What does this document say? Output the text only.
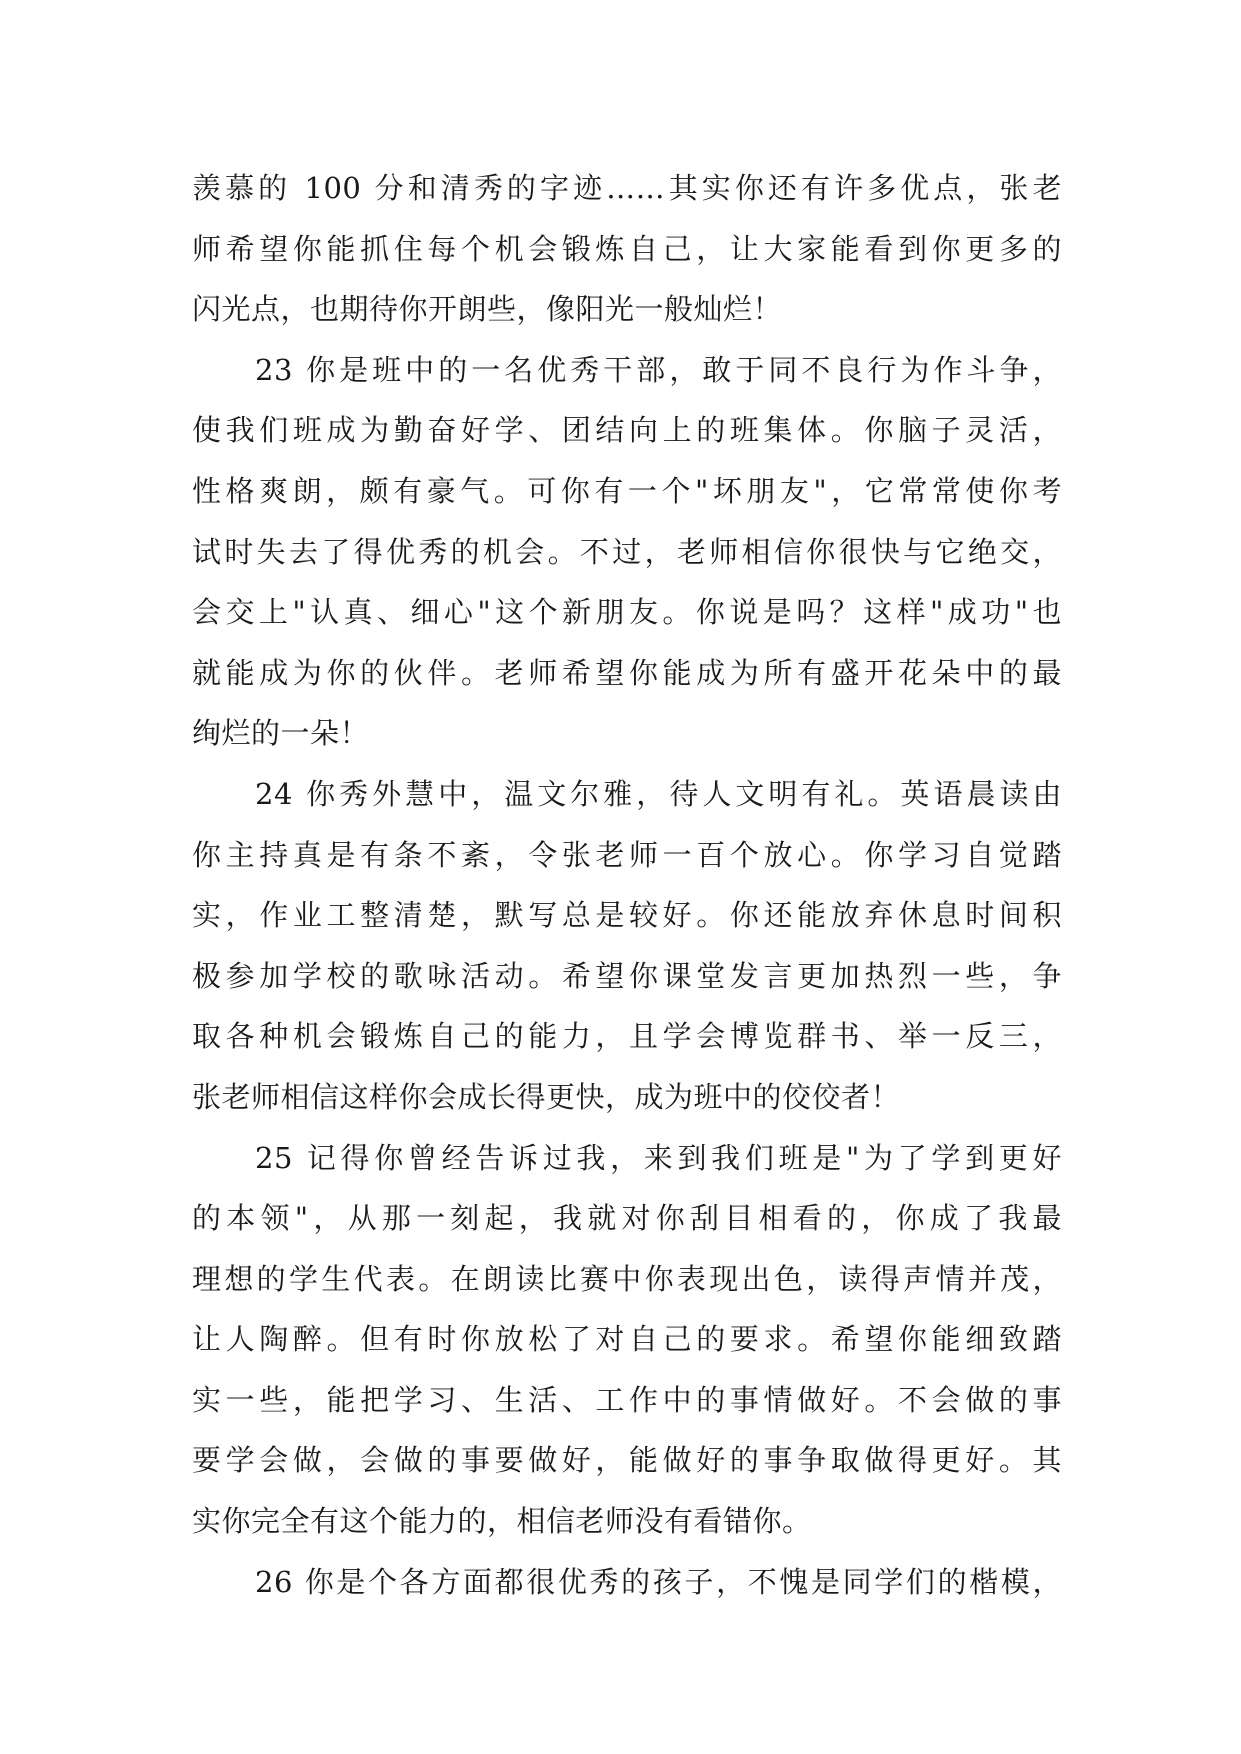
羡慕的 100 分和清秀的字迹……其实你还有许多优点，张老
师希望你能抓住每个机会锻炼自己，让大家能看到你更多的
闪光点，也期待你开朗些，像阳光一般灿烂！
23 你是班中的一名优秀干部，敢于同不良行为作斗争，
使我们班成为勤奋好学、团结向上的班集体。你脑子灵活，
性格爽朗，颇有豪气。可你有一个"坏朋友"，它常常使你考
试时失去了得优秀的机会。不过，老师相信你很快与它绝交，
会交上"认真、细心"这个新朋友。你说是吗？这样"成功"也
就能成为你的伙伴。老师希望你能成为所有盛开花朵中的最
绚烂的一朵！
24 你秀外慧中，温文尔雅，待人文明有礼。英语晨读由
你主持真是有条不紊，令张老师一百个放心。你学习自觉踏
实，作业工整清楚，默写总是较好。你还能放弃休息时间积
极参加学校的歌咏活动。希望你课堂发言更加热烈一些，争
取各种机会锻炼自己的能力，且学会博览群书、举一反三，
张老师相信这样你会成长得更快，成为班中的佼佼者！
25 记得你曾经告诉过我，来到我们班是"为了学到更好
的本领"，从那一刻起，我就对你刮目相看的，你成了我最
理想的学生代表。在朗读比赛中你表现出色，读得声情并茂，
让人陶醉。但有时你放松了对自己的要求。希望你能细致踏
实一些，能把学习、生活、工作中的事情做好。不会做的事
要学会做，会做的事要做好，能做好的事争取做得更好。其
实你完全有这个能力的，相信老师没有看错你。
26 你是个各方面都很优秀的孩子，不愧是同学们的楷模，
